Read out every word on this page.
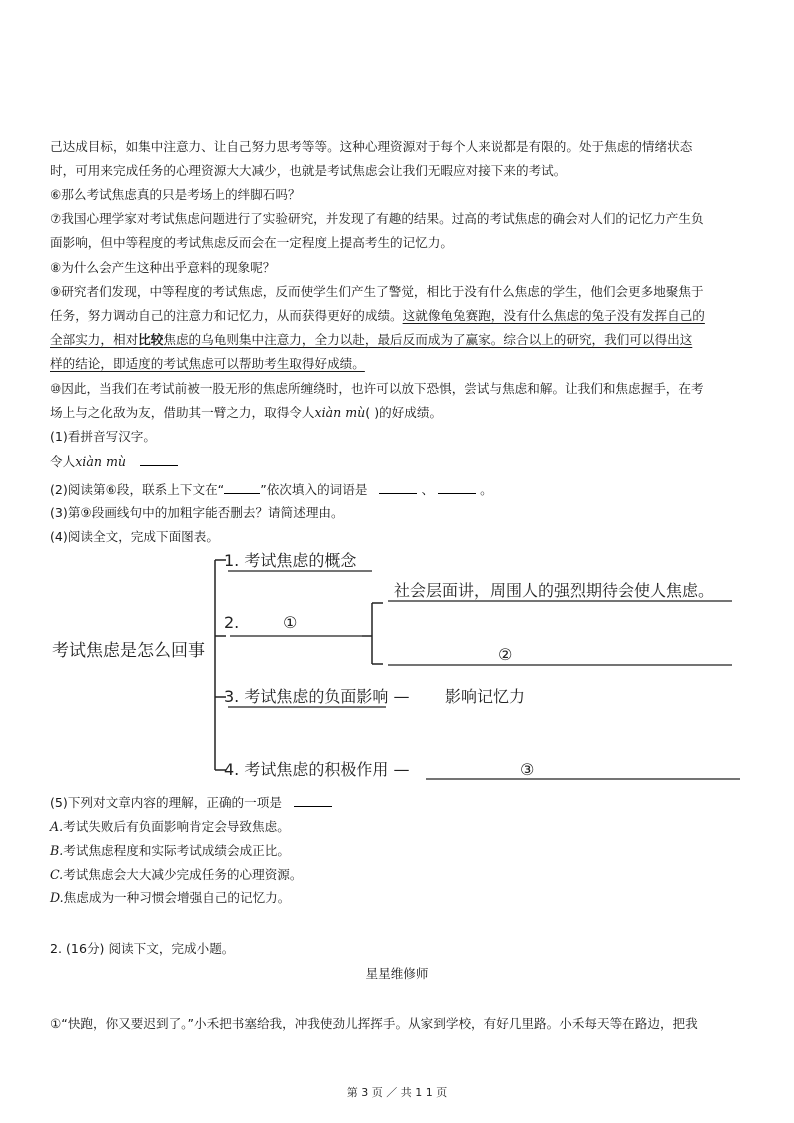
己达成目标，如集中注意力、让自己努力思考等等。这种心理资源对于每个人来说都是有限的。处于焦虑的情绪状态

时，可用来完成任务的心理资源大大减少，也就是考试焦虑会让我们无暇应对接下来的考试。

⑥那么考试焦虑真的只是考场上的绊脚石吗？

⑦我国心理学家对考试焦虑问题进行了实验研究，并发现了有趣的结果。过高的考试焦虑的确会对人们的记忆力产生负

面影响，但中等程度的考试焦虑反而会在一定程度上提高考生的记忆力。

⑧为什么会产生这种出乎意料的现象呢？

⑨研究者们发现，中等程度的考试焦虑，反而使学生们产生了警觉，相比于没有什么焦虑的学生，他们会更多地聚焦于

任务，努力调动自己的注意力和记忆力，从而获得更好的成绩。这就像龟兔赛跑，没有什么焦虑的兔子没有发挥自己的

全部实力，相对比较焦虑的乌龟则集中注意力，全力以赴，最后反而成为了赢家。综合以上的研究，我们可以得出这

样的结论，即适度的考试焦虑可以帮助考生取得好成绩。

⑩因此，当我们在考试前被一股无形的焦虑所缠绕时，也许可以放下恐惧，尝试与焦虑和解。让我们和焦虑握手，在考

场上与之化敌为友，借助其一臂之力，取得令人xiàn mù( )的好成绩。

(1)看拼音写汉字。

令人xiàn mù

(2)阅读第⑥段，联系上下文在“	”依次填入的词语是	、	。

(3)第⑨段画线句中的加粗字能否删去？请简述理由。

(4)阅读全文，完成下面图表。

考试焦虑是怎么回事
1. 考试焦虑的概念
2.	①
社会层面讲，周围人的强烈期待会使人焦虑。
②
3. 考试焦虑的负面影响 — 影响记忆力
4. 考试焦虑的积极作用 —	③

(5)下列对文章内容的理解，正确的一项是

A.考试失败后有负面影响肯定会导致焦虑。

B.考试焦虑程度和实际考试成绩会成正比。

C.考试焦虑会大大减少完成任务的心理资源。

D.焦虑成为一种习惯会增强自己的记忆力。

2. (16分) 阅读下文，完成小题。

星星维修师

①“快跑，你又要迟到了。”小禾把书塞给我，冲我使劲儿挥挥手。从家到学校，有好几里路。小禾每天等在路边，把我

第 3 页 ／ 共 1 1 页
